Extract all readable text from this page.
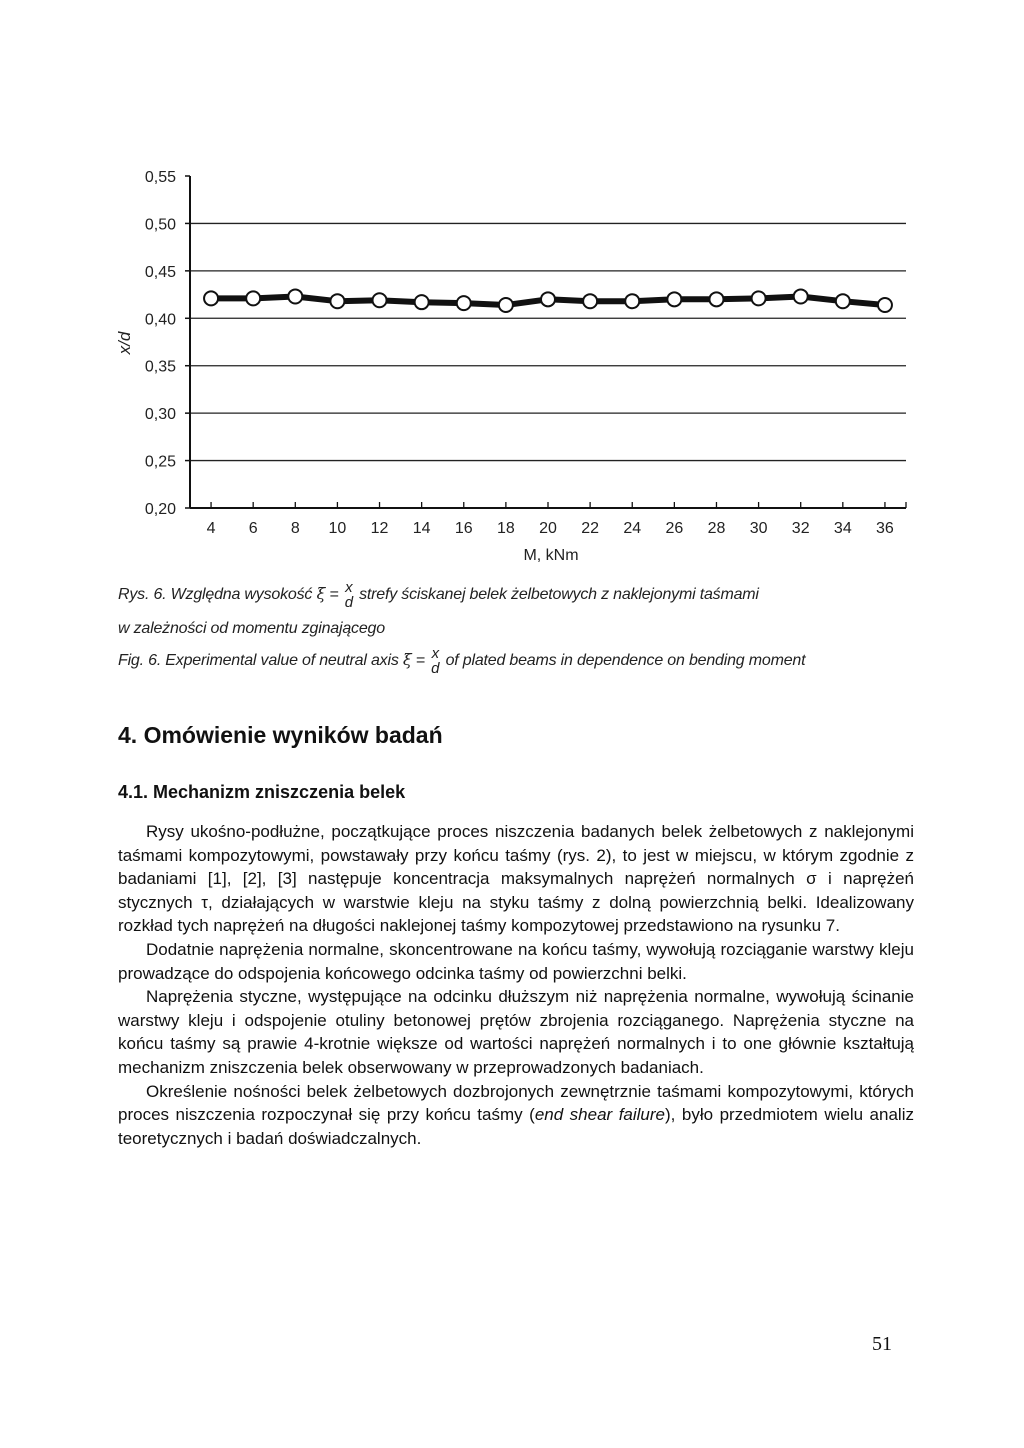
0,20
0,25
0,30
0,35
0,40
0,45
0,50
0,55
4 6 8 10 12 14 16 18 20 22 24 26 28 30 32 34 36
x/d
M, kNm
Rys. 6. Względna wysokość ξ = x
d strefy ściskanej belek żelbetowych z naklejonymi taśmami
w zależności od momentu zginającego
Fig. 6. Experimental value of neutral axis ξ = x
d of plated beams in dependence on bending moment
4. Omówienie wyników badań
4.1. Mechanizm zniszczenia belek

Rysy ukośno-podłużne, początkujące proces niszczenia badanych belek żelbetowych z naklejonymi taśmami kompozytowymi, powstawały przy końcu taśmy (rys. 2), to jest w miejscu, w którym zgodnie z badaniami [1], [2], [3] następuje koncentracja maksymalnych naprężeń normalnych σ i naprężeń stycznych τ, działających w warstwie kleju na styku taśmy z dolną powierzchnią belki. Idealizowany rozkład tych naprężeń na długości naklejonej taśmy kompozytowej przedstawiono na rysunku 7.

Dodatnie naprężenia normalne, skoncentrowane na końcu taśmy, wywołują rozciąganie warstwy kleju prowadzące do odspojenia końcowego odcinka taśmy od powierzchni belki.

Naprężenia styczne, występujące na odcinku dłuższym niż naprężenia normalne, wywołują ścinanie warstwy kleju i odspojenie otuliny betonowej prętów zbrojenia rozciąganego. Naprężenia styczne na końcu taśmy są prawie 4-krotnie większe od wartości naprężeń normalnych i to one głównie kształtują mechanizm zniszczenia belek obserwowany w przeprowadzonych badaniach.

Określenie nośności belek żelbetowych dozbrojonych zewnętrznie taśmami kompozytowymi, których proces niszczenia rozpoczynał się przy końcu taśmy (end shear failure), było przedmiotem wielu analiz teoretycznych i badań doświadczalnych.

51
